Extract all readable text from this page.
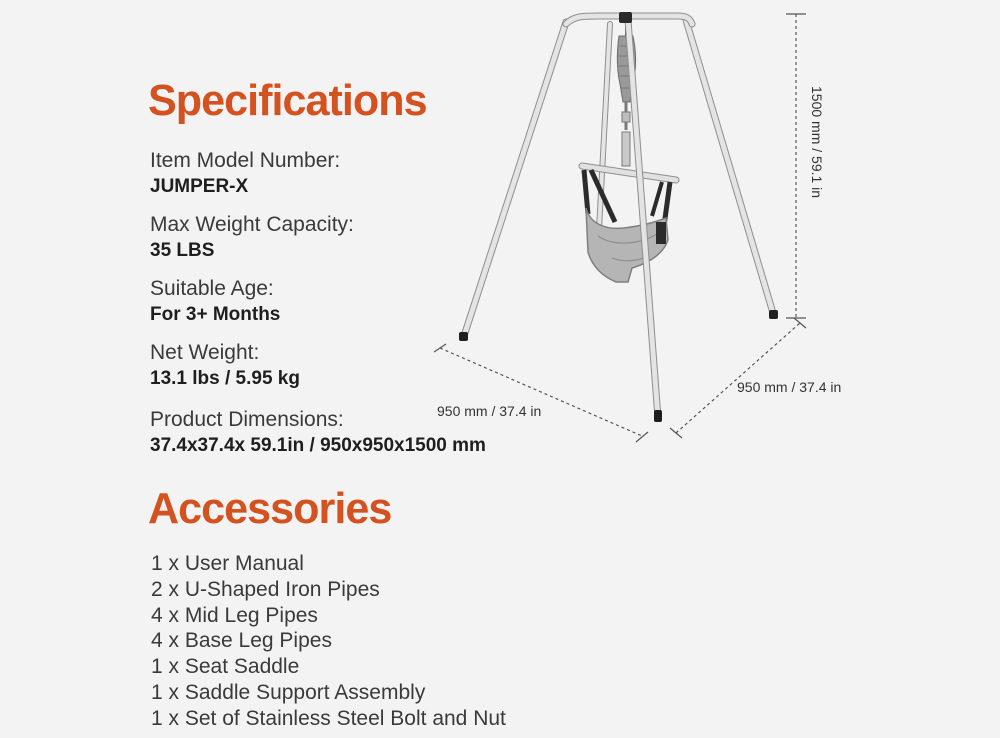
Specifications
Item Model Number:
JUMPER-X
Max Weight Capacity:
35 LBS
Suitable Age:
For 3+ Months
Net Weight:
13.1 lbs / 5.95 kg
Product Dimensions:
37.4x37.4x 59.1in / 950x950x1500 mm
Accessories
1 x User Manual
2 x U-Shaped Iron Pipes
4 x Mid Leg Pipes
4 x Base Leg Pipes
1 x Seat Saddle
1 x Saddle Support Assembly
1 x Set of Stainless Steel Bolt and Nut
1500 mm / 59.1 in
950 mm / 37.4 in
950 mm / 37.4 in
